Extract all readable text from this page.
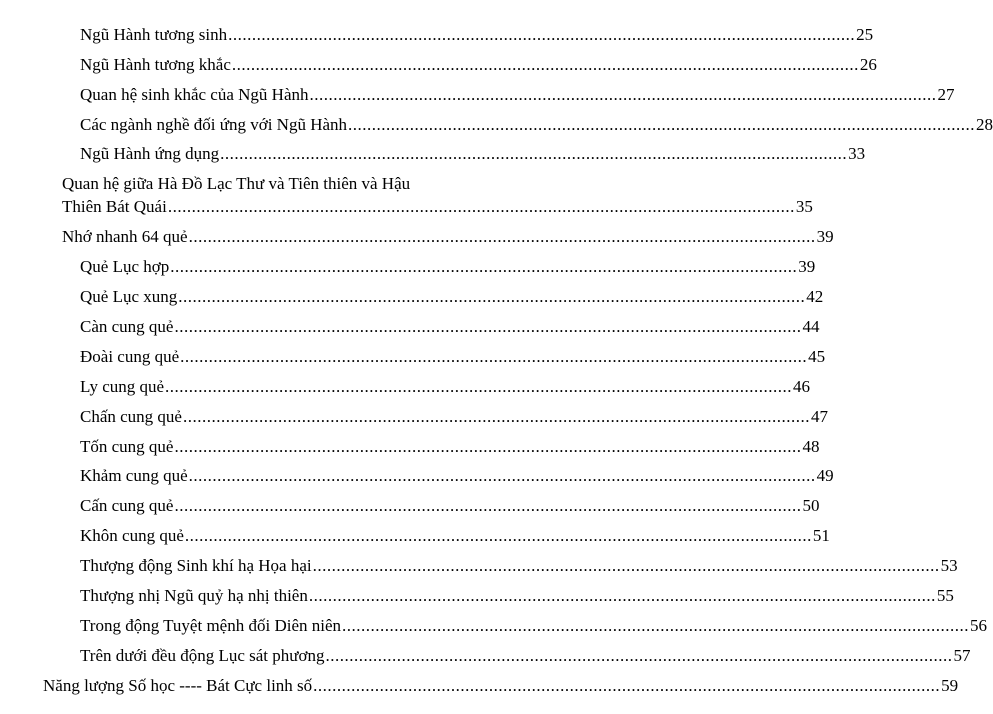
Ngũ Hành tương sinh .................................................................................................................................... 25
Ngũ Hành tương khắc .................................................................................................................................... 26
Quan hệ sinh khắc của Ngũ Hành .................................................................................................................................... 27
Các ngành nghề đối ứng với Ngũ Hành .................................................................................................................................... 28
Ngũ Hành ứng dụng .................................................................................................................................... 33
Quan hệ giữa Hà Đồ Lạc Thư và Tiên thiên và Hậu
Thiên Bát Quái .................................................................................................................................... 35
Nhớ nhanh 64 quẻ .................................................................................................................................... 39
Quẻ Lục hợp .................................................................................................................................... 39
Quẻ Lục xung .................................................................................................................................... 42
Càn cung quẻ .................................................................................................................................... 44
Đoài cung quẻ .................................................................................................................................... 45
Ly cung quẻ .................................................................................................................................... 46
Chấn cung quẻ .................................................................................................................................... 47
Tốn cung quẻ .................................................................................................................................... 48
Khảm cung quẻ .................................................................................................................................... 49
Cấn cung quẻ .................................................................................................................................... 50
Khôn cung quẻ .................................................................................................................................... 51
Thượng động Sinh khí hạ Họa hại .................................................................................................................................... 53
Thượng nhị Ngũ quỷ hạ nhị thiên .................................................................................................................................... 55
Trong động Tuyệt mệnh đối Diên niên .................................................................................................................................... 56
Trên dưới đều động Lục sát phương .................................................................................................................................... 57
Năng lượng Số học ---- Bát Cực linh số .................................................................................................................................... 59
